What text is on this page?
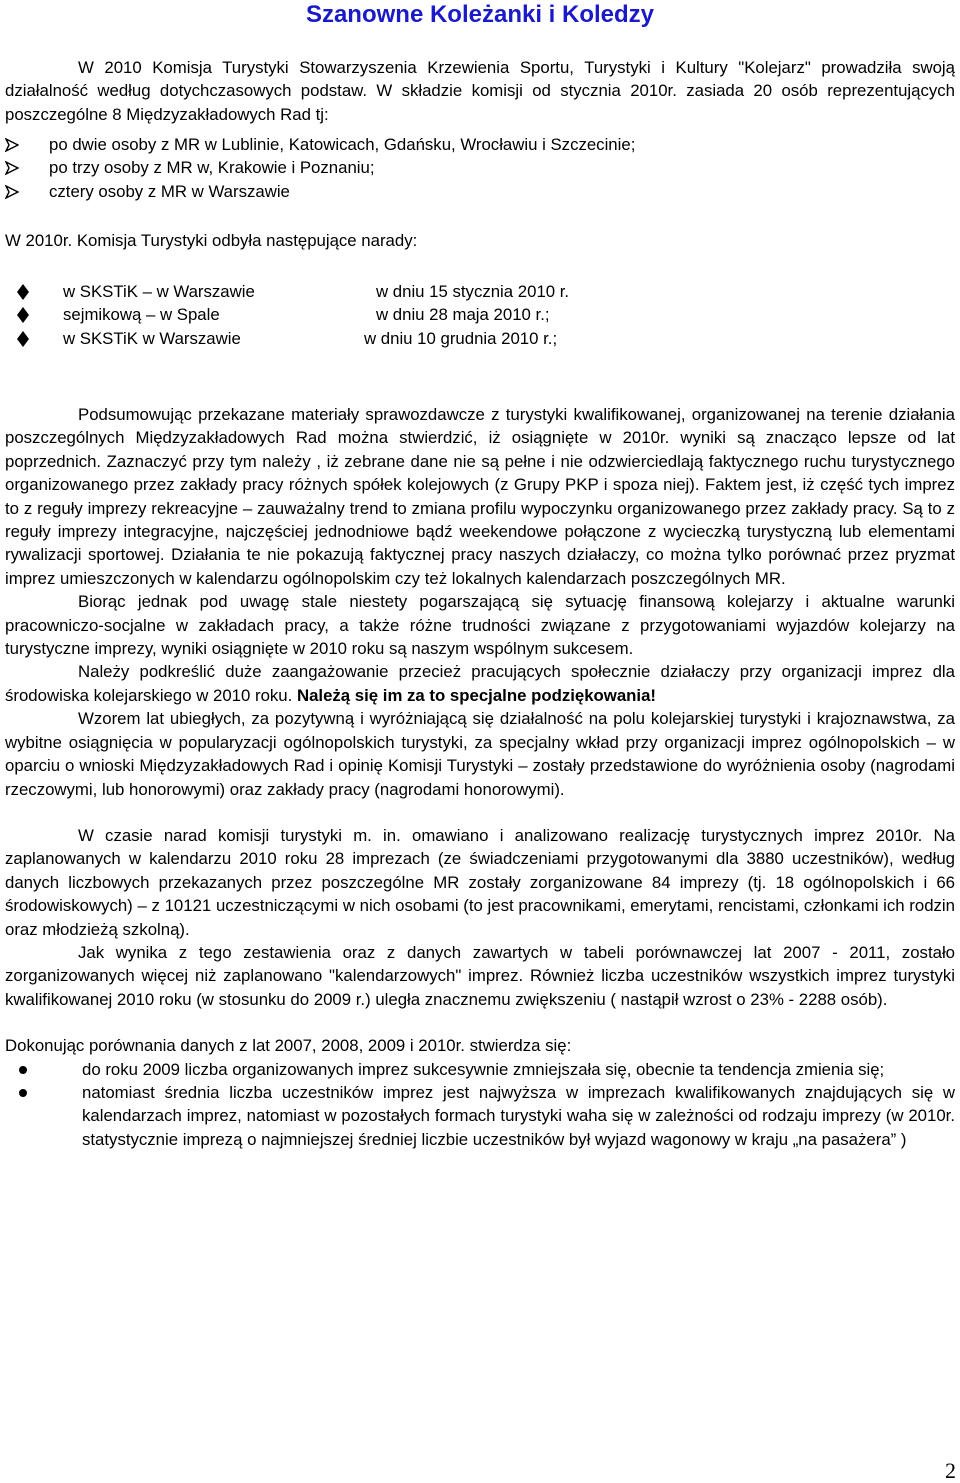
Szanowne Koleżanki i Koledzy

W 2010 Komisja Turystyki Stowarzyszenia Krzewienia Sportu, Turystyki i Kultury "Kolejarz" prowadziła swoją działalność według dotychczasowych podstaw. W składzie komisji od stycznia 2010r. zasiada 20 osób reprezentujących poszczególne 8 Międzyzakładowych Rad tj:

po dwie osoby z MR w Lublinie, Katowicach, Gdańsku, Wrocławiu i Szczecinie;
po trzy osoby z MR w, Krakowie i Poznaniu;
cztery osoby z MR w Warszawie

W 2010r. Komisja Turystyki odbyła następujące narady:

w SKSTiK – w Warszawie	w dniu 15 stycznia 2010 r.
sejmikową – w Spale	w dniu 28 maja 2010 r.;
w SKSTiK w Warszawie	w dniu 10 grudnia 2010 r.;

Podsumowując przekazane materiały sprawozdawcze z turystyki kwalifikowanej, organizowanej na terenie działania poszczególnych Międzyzakładowych Rad można stwierdzić, iż osiągnięte w 2010r. wyniki są znacząco lepsze od lat poprzednich. Zaznaczyć przy tym należy , iż zebrane dane nie są pełne i nie odzwierciedlają faktycznego ruchu turystycznego organizowanego przez zakłady pracy różnych spółek kolejowych (z Grupy PKP i spoza niej). Faktem jest, iż część tych imprez to z reguły imprezy rekreacyjne – zauważalny trend to zmiana profilu wypoczynku organizowanego przez zakłady pracy. Są to z reguły imprezy integracyjne, najczęściej jednodniowe bądź weekendowe połączone z wycieczką turystyczną lub elementami rywalizacji sportowej. Działania te nie pokazują faktycznej pracy naszych działaczy, co można tylko porównać przez pryzmat imprez umieszczonych w kalendarzu ogólnopolskim czy też lokalnych kalendarzach poszczególnych MR.

Biorąc jednak pod uwagę stale niestety pogarszającą się sytuację finansową kolejarzy i aktualne warunki pracowniczo-socjalne w zakładach pracy, a także różne trudności związane z przygotowaniami wyjazdów kolejarzy na turystyczne imprezy, wyniki osiągnięte w 2010 roku są naszym wspólnym sukcesem.

Należy podkreślić duże zaangażowanie przecież pracujących społecznie działaczy przy organizacji imprez dla środowiska kolejarskiego w 2010 roku. Należą się im za to specjalne podziękowania!

Wzorem lat ubiegłych, za pozytywną i wyróżniającą się działalność na polu kolejarskiej turystyki i krajoznawstwa, za wybitne osiągnięcia w popularyzacji ogólnopolskich turystyki, za specjalny wkład przy organizacji imprez ogólnopolskich – w oparciu o wnioski Międzyzakładowych Rad i opinię Komisji Turystyki – zostały przedstawione do wyróżnienia osoby (nagrodami rzeczowymi, lub honorowymi) oraz zakłady pracy (nagrodami honorowymi).

W czasie narad komisji turystyki m. in. omawiano i analizowano realizację turystycznych imprez 2010r. Na zaplanowanych w kalendarzu 2010 roku 28 imprezach (ze świadczeniami przygotowanymi dla 3880 uczestników), według danych liczbowych przekazanych przez poszczególne MR zostały zorganizowane 84 imprezy (tj. 18 ogólnopolskich i 66 środowiskowych) – z 10121 uczestniczącymi w nich osobami (to jest pracownikami, emerytami, rencistami, członkami ich rodzin oraz młodzieżą szkolną).

Jak wynika z tego zestawienia oraz z danych zawartych w tabeli porównawczej lat 2007 - 2011, zostało zorganizowanych więcej niż zaplanowano "kalendarzowych" imprez. Również liczba uczestników wszystkich imprez turystyki kwalifikowanej 2010 roku (w stosunku do 2009 r.) uległa znacznemu zwiększeniu ( nastąpił wzrost o 23% - 2288 osób).

Dokonując porównania danych z lat 2007, 2008, 2009 i 2010r. stwierdza się:

do roku 2009 liczba organizowanych imprez sukcesywnie zmniejszała się, obecnie ta tendencja zmienia się;
natomiast średnia liczba uczestników imprez jest najwyższa w imprezach kwalifikowanych znajdujących się w kalendarzach imprez, natomiast w pozostałych formach turystyki waha się w zależności od rodzaju imprezy (w 2010r. statystycznie imprezą o najmniejszej średniej liczbie uczestników był wyjazd wagonowy w kraju „na pasażera” )
2
